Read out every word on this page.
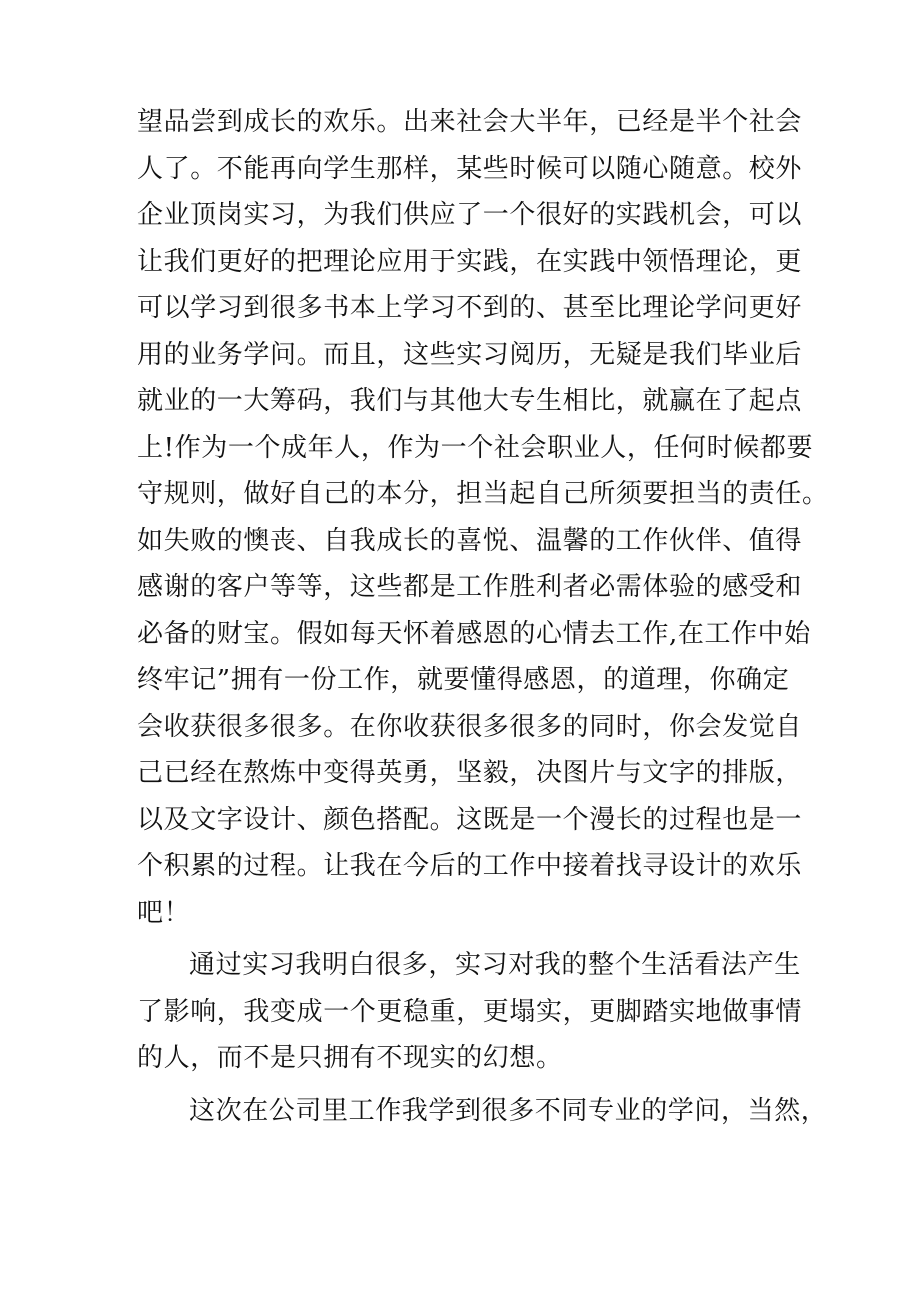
望品尝到成长的欢乐。出来社会大半年，已经是半个社会
人了。不能再向学生那样，某些时候可以随心随意。校外
企业顶岗实习，为我们供应了一个很好的实践机会，可以
让我们更好的把理论应用于实践，在实践中领悟理论，更
可以学习到很多书本上学习不到的、甚至比理论学问更好
用的业务学问。而且，这些实习阅历，无疑是我们毕业后
就业的一大筹码，我们与其他大专生相比，就赢在了起点
上!作为一个成年人，作为一个社会职业人，任何时候都要
守规则，做好自己的本分，担当起自己所须要担当的责任。
如失败的懊丧、自我成长的喜悦、温馨的工作伙伴、值得
感谢的客户等等，这些都是工作胜利者必需体验的感受和
必备的财宝。假如每天怀着感恩的心情去工作,在工作中始
终牢记”拥有一份工作，就要懂得感恩，的道理，你确定
会收获很多很多。在你收获很多很多的同时，你会发觉自
己已经在熬炼中变得英勇，坚毅，决图片与文字的排版，
以及文字设计、颜色搭配。这既是一个漫长的过程也是一
个积累的过程。让我在今后的工作中接着找寻设计的欢乐
吧！
通过实习我明白很多，实习对我的整个生活看法产生
了影响，我变成一个更稳重，更塌实，更脚踏实地做事情
的人，而不是只拥有不现实的幻想。
这次在公司里工作我学到很多不同专业的学问，当然，
